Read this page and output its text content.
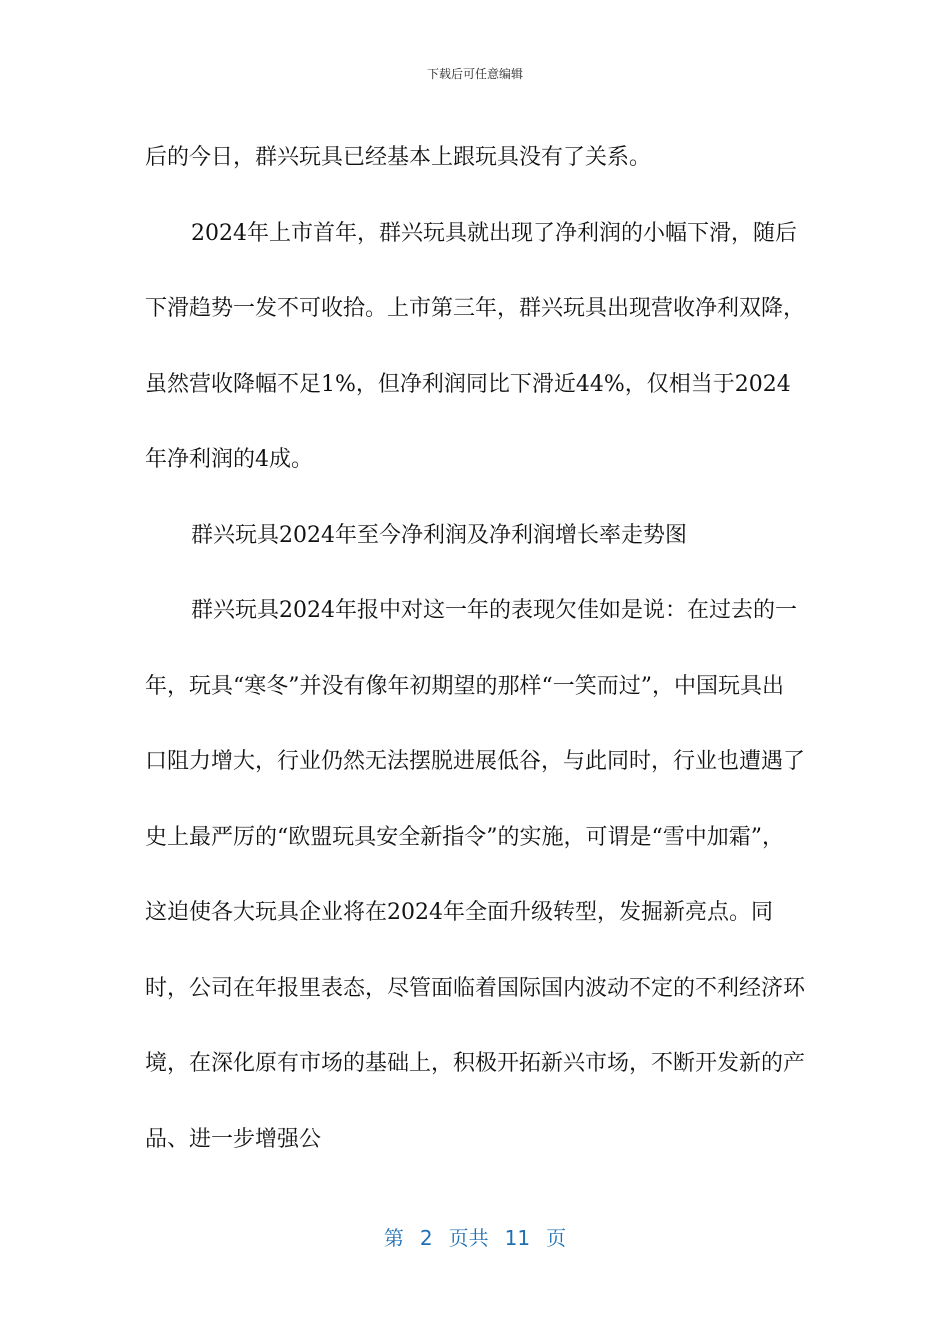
下载后可任意编辑

后的今日，群兴玩具已经基本上跟玩具没有了关系。

2024年上市首年，群兴玩具就出现了净利润的小幅下滑，随后下滑趋势一发不可收拾。上市第三年，群兴玩具出现营收净利双降，虽然营收降幅不足1%，但净利润同比下滑近44%，仅相当于2024年净利润的4成。

群兴玩具2024年至今净利润及净利润增长率走势图

群兴玩具2024年报中对这一年的表现欠佳如是说：在过去的一年，玩具“寒冬”并没有像年初期望的那样“一笑而过”，中国玩具出口阻力增大，行业仍然无法摆脱进展低谷，与此同时，行业也遭遇了史上最严厉的“欧盟玩具安全新指令”的实施，可谓是“雪中加霜”，这迫使各大玩具企业将在2024年全面升级转型，发掘新亮点。同时，公司在年报里表态，尽管面临着国际国内波动不定的不利经济环境，在深化原有市场的基础上，积极开拓新兴市场，不断开发新的产品、进一步增强公

第 2 页共 11 页
